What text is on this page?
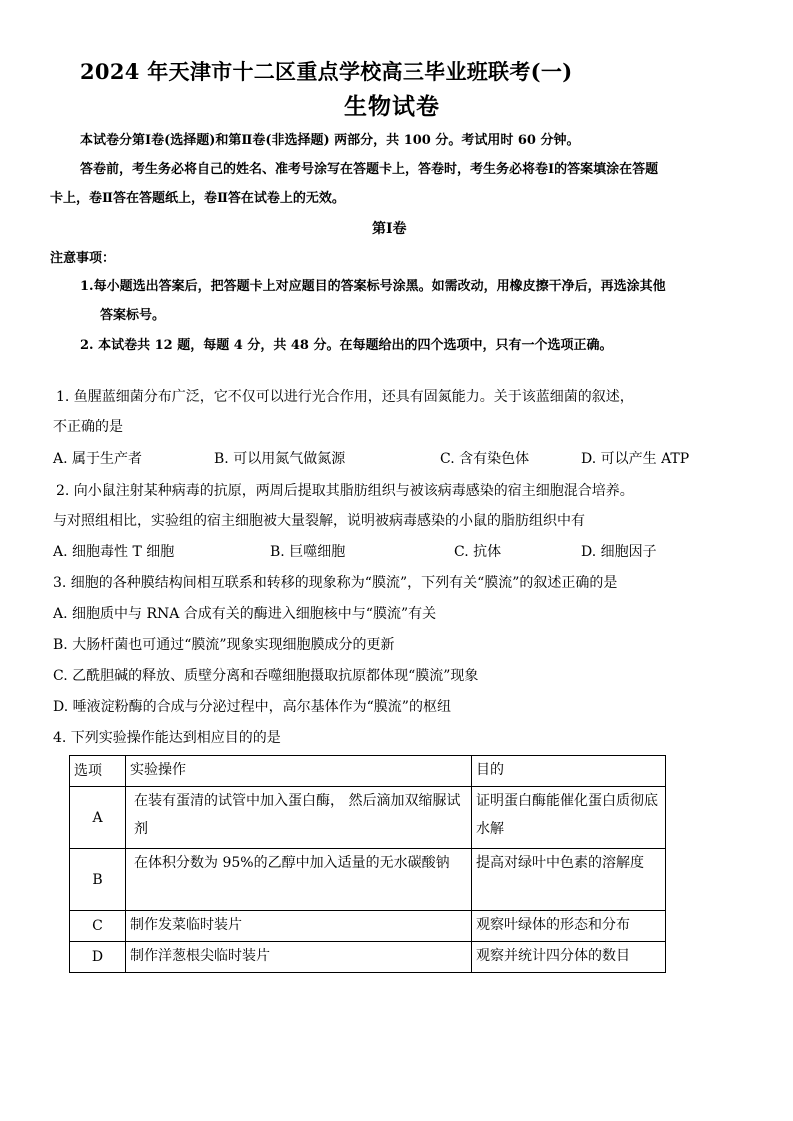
2024 年天津市十二区重点学校高三毕业班联考(一)
生物试卷
本试卷分第Ⅰ卷(选择题)和第Ⅱ卷(非选择题) 两部分，共 100 分。考试用时 60 分钟。
答卷前，考生务必将自己的姓名、准考号涂写在答题卡上，答卷时，考生务必将卷Ⅰ的答案填涂在答题
卡上，卷Ⅱ答在答题纸上，卷Ⅱ答在试卷上的无效。
第Ⅰ卷
注意事项：
1.每小题选出答案后，把答题卡上对应题目的答案标号涂黑。如需改动，用橡皮擦干净后，再选涂其他
答案标号。
2. 本试卷共 12 题，每题 4 分，共 48 分。在每题给出的四个选项中，只有一个选项正确。
1. 鱼腥蓝细菌分布广泛，它不仅可以进行光合作用，还具有固氮能力。关于该蓝细菌的叙述，
不正确的是
A. 属于生产者	B. 可以用氮气做氮源	C. 含有染色体	D. 可以产生 ATP
2. 向小鼠注射某种病毒的抗原，两周后提取其脂肪组织与被该病毒感染的宿主细胞混合培养。
与对照组相比，实验组的宿主细胞被大量裂解，说明被病毒感染的小鼠的脂肪组织中有
A. 细胞毒性 T 细胞	B. 巨噬细胞	C. 抗体	D. 细胞因子
3. 细胞的各种膜结构间相互联系和转移的现象称为“膜流”，下列有关“膜流”的叙述正确的是
A. 细胞质中与 RNA 合成有关的酶进入细胞核中与“膜流”有关
B. 大肠杆菌也可通过“膜流”现象实现细胞膜成分的更新
C. 乙酰胆碱的释放、质壁分离和吞噬细胞摄取抗原都体现“膜流”现象
D. 唾液淀粉酶的合成与分泌过程中，高尔基体作为“膜流”的枢纽
4. 下列实验操作能达到相应目的的是
选项	实验操作	目的
A	在装有蛋清的试管中加入蛋白酶， 然后滴加双缩脲试剂	证明蛋白酶能催化蛋白质彻底水解

B	在体积分数为 95%的乙醇中加入适量的无水碳酸钠	提高对绿叶中色素的溶解度

C	制作发菜临时装片	观察叶绿体的形态和分布
D	制作洋葱根尖临时装片	观察并统计四分体的数目
